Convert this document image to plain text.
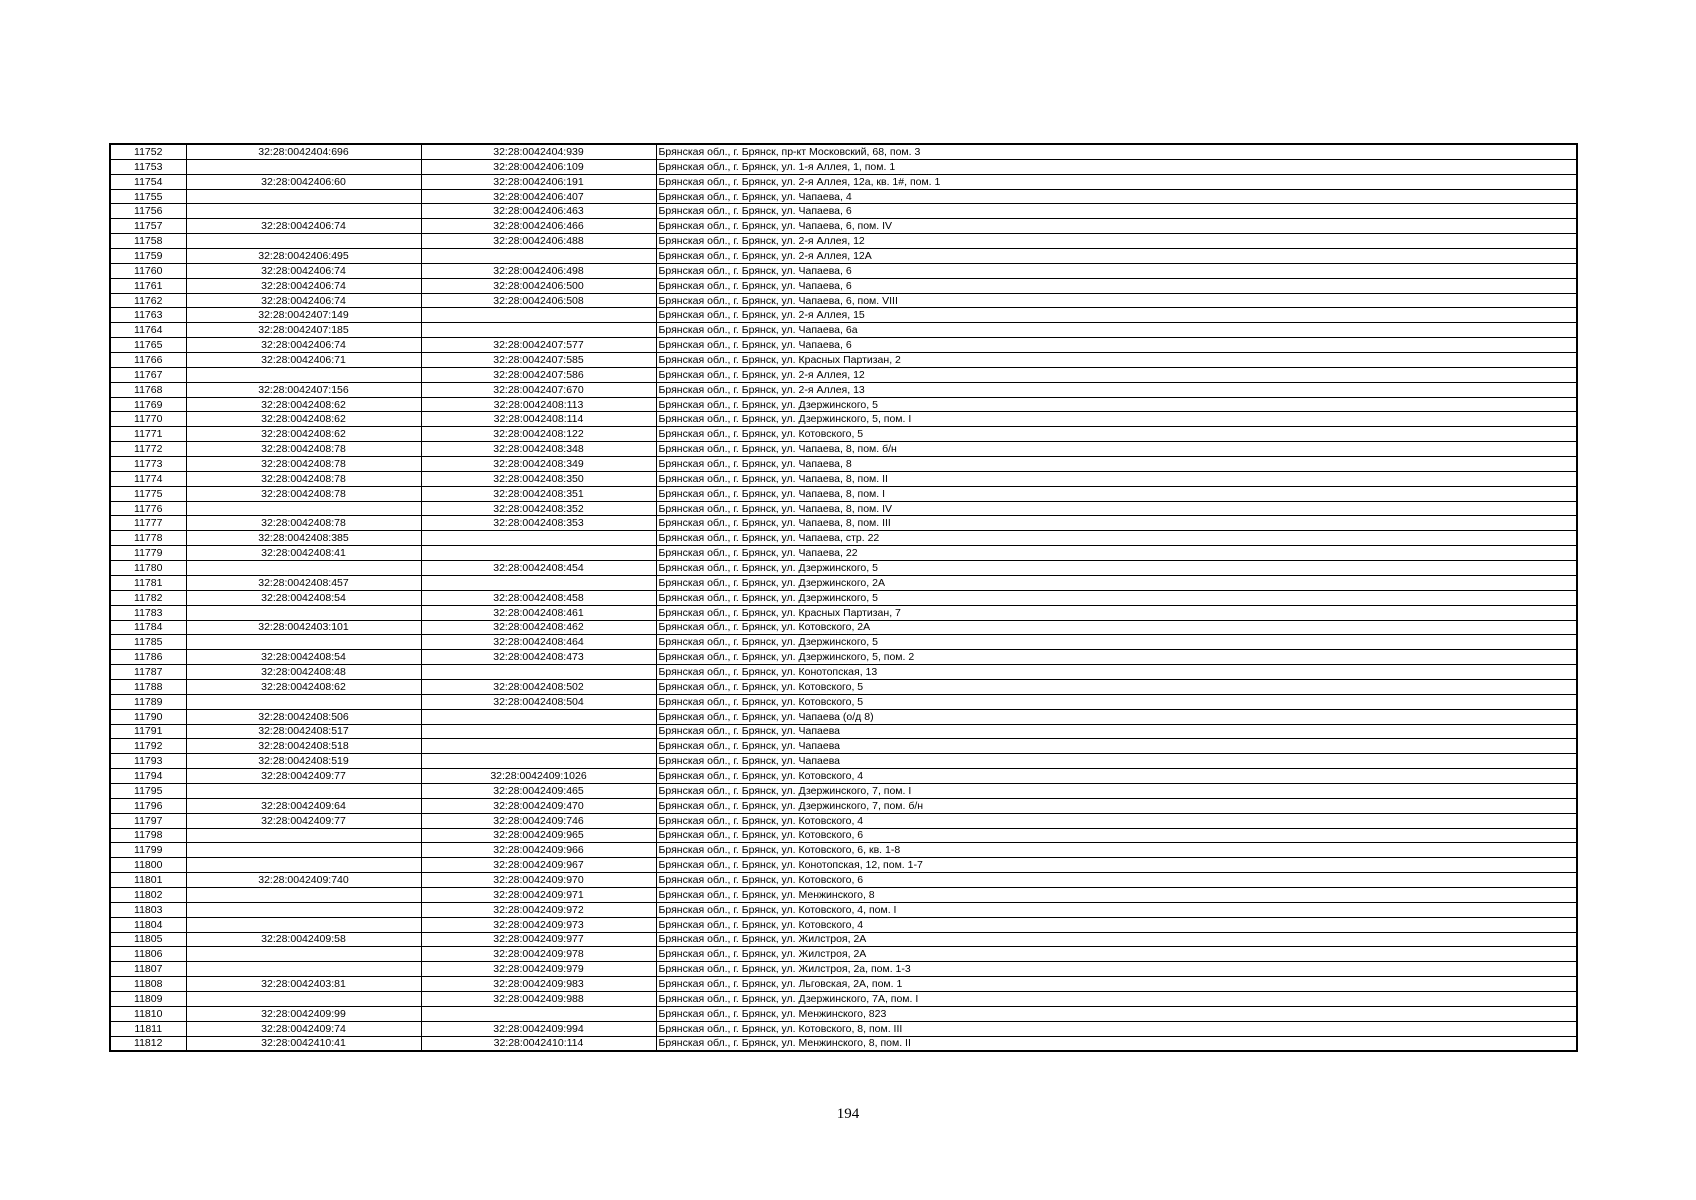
11752	32:28:0042404:696	32:28:0042404:939	Брянская обл., г. Брянск, пр-кт Московский, 68, пом. 3
11753		32:28:0042406:109	Брянская обл., г. Брянск, ул. 1-я Аллея, 1, пом. 1
11754	32:28:0042406:60	32:28:0042406:191	Брянская обл., г. Брянск, ул. 2-я Аллея, 12а, кв. 1#, пом. 1
11755		32:28:0042406:407	Брянская обл., г. Брянск, ул. Чапаева, 4
11756		32:28:0042406:463	Брянская обл., г. Брянск, ул. Чапаева, 6
11757	32:28:0042406:74	32:28:0042406:466	Брянская обл., г. Брянск, ул. Чапаева, 6, пом. IV
11758		32:28:0042406:488	Брянская обл., г. Брянск, ул. 2-я Аллея, 12
11759	32:28:0042406:495		Брянская обл., г. Брянск, ул. 2-я Аллея, 12А
11760	32:28:0042406:74	32:28:0042406:498	Брянская обл., г. Брянск, ул. Чапаева, 6
11761	32:28:0042406:74	32:28:0042406:500	Брянская обл., г. Брянск, ул. Чапаева, 6
11762	32:28:0042406:74	32:28:0042406:508	Брянская обл., г. Брянск, ул. Чапаева, 6, пом. VIII
11763	32:28:0042407:149		Брянская обл., г. Брянск, ул. 2-я Аллея, 15
11764	32:28:0042407:185		Брянская обл., г. Брянск, ул. Чапаева, 6а
11765	32:28:0042406:74	32:28:0042407:577	Брянская обл., г. Брянск, ул. Чапаева, 6
11766	32:28:0042406:71	32:28:0042407:585	Брянская обл., г. Брянск, ул. Красных Партизан, 2
11767		32:28:0042407:586	Брянская обл., г. Брянск, ул. 2-я Аллея, 12
11768	32:28:0042407:156	32:28:0042407:670	Брянская обл., г. Брянск, ул. 2-я Аллея, 13
11769	32:28:0042408:62	32:28:0042408:113	Брянская обл., г. Брянск, ул. Дзержинского, 5
11770	32:28:0042408:62	32:28:0042408:114	Брянская обл., г. Брянск, ул. Дзержинского, 5, пом. I
11771	32:28:0042408:62	32:28:0042408:122	Брянская обл., г. Брянск, ул. Котовского, 5
11772	32:28:0042408:78	32:28:0042408:348	Брянская обл., г. Брянск, ул. Чапаева, 8, пом. б/н
11773	32:28:0042408:78	32:28:0042408:349	Брянская обл., г. Брянск, ул. Чапаева, 8
11774	32:28:0042408:78	32:28:0042408:350	Брянская обл., г. Брянск, ул. Чапаева, 8, пом. II
11775	32:28:0042408:78	32:28:0042408:351	Брянская обл., г. Брянск, ул. Чапаева, 8, пом. I
11776		32:28:0042408:352	Брянская обл., г. Брянск, ул. Чапаева, 8, пом. IV
11777	32:28:0042408:78	32:28:0042408:353	Брянская обл., г. Брянск, ул. Чапаева, 8, пом. III
11778	32:28:0042408:385		Брянская обл., г. Брянск, ул. Чапаева, стр. 22
11779	32:28:0042408:41		Брянская обл., г. Брянск, ул. Чапаева, 22
11780		32:28:0042408:454	Брянская обл., г. Брянск, ул. Дзержинского, 5
11781	32:28:0042408:457		Брянская обл., г. Брянск, ул. Дзержинского, 2А
11782	32:28:0042408:54	32:28:0042408:458	Брянская обл., г. Брянск, ул. Дзержинского, 5
11783		32:28:0042408:461	Брянская обл., г. Брянск, ул. Красных Партизан, 7
11784	32:28:0042403:101	32:28:0042408:462	Брянская обл., г. Брянск, ул. Котовского, 2А
11785		32:28:0042408:464	Брянская обл., г. Брянск, ул. Дзержинского, 5
11786	32:28:0042408:54	32:28:0042408:473	Брянская обл., г. Брянск, ул. Дзержинского, 5, пом. 2
11787	32:28:0042408:48		Брянская обл., г. Брянск, ул. Конотопская, 13
11788	32:28:0042408:62	32:28:0042408:502	Брянская обл., г. Брянск, ул. Котовского, 5
11789		32:28:0042408:504	Брянская обл., г. Брянск, ул. Котовского, 5
11790	32:28:0042408:506		Брянская обл., г. Брянск, ул. Чапаева (о/д 8)
11791	32:28:0042408:517		Брянская обл., г. Брянск, ул. Чапаева
11792	32:28:0042408:518		Брянская обл., г. Брянск, ул. Чапаева
11793	32:28:0042408:519		Брянская обл., г. Брянск, ул. Чапаева
11794	32:28:0042409:77	32:28:0042409:1026	Брянская обл., г. Брянск, ул. Котовского, 4
11795		32:28:0042409:465	Брянская обл., г. Брянск, ул. Дзержинского, 7, пом. I
11796	32:28:0042409:64	32:28:0042409:470	Брянская обл., г. Брянск, ул. Дзержинского, 7, пом. б/н
11797	32:28:0042409:77	32:28:0042409:746	Брянская обл., г. Брянск, ул. Котовского, 4
11798		32:28:0042409:965	Брянская обл., г. Брянск, ул. Котовского, 6
11799		32:28:0042409:966	Брянская обл., г. Брянск, ул. Котовского, 6, кв. 1-8
11800		32:28:0042409:967	Брянская обл., г. Брянск, ул. Конотопская, 12, пом. 1-7
11801	32:28:0042409:740	32:28:0042409:970	Брянская обл., г. Брянск, ул. Котовского, 6
11802		32:28:0042409:971	Брянская обл., г. Брянск, ул. Менжинского, 8
11803		32:28:0042409:972	Брянская обл., г. Брянск, ул. Котовского, 4, пом. I
11804		32:28:0042409:973	Брянская обл., г. Брянск, ул. Котовского, 4
11805	32:28:0042409:58	32:28:0042409:977	Брянская обл., г. Брянск, ул. Жилстроя, 2А
11806		32:28:0042409:978	Брянская обл., г. Брянск, ул. Жилстроя, 2А
11807		32:28:0042409:979	Брянская обл., г. Брянск, ул. Жилстроя, 2а, пом. 1-3
11808	32:28:0042403:81	32:28:0042409:983	Брянская обл., г. Брянск, ул. Льговская, 2А, пом. 1
11809		32:28:0042409:988	Брянская обл., г. Брянск, ул. Дзержинского, 7А, пом. I
11810	32:28:0042409:99		Брянская обл., г. Брянск, ул. Менжинского, 823
11811	32:28:0042409:74	32:28:0042409:994	Брянская обл., г. Брянск, ул. Котовского, 8, пом. III
11812	32:28:0042410:41	32:28:0042410:114	Брянская обл., г. Брянск, ул. Менжинского, 8, пом. II
194
